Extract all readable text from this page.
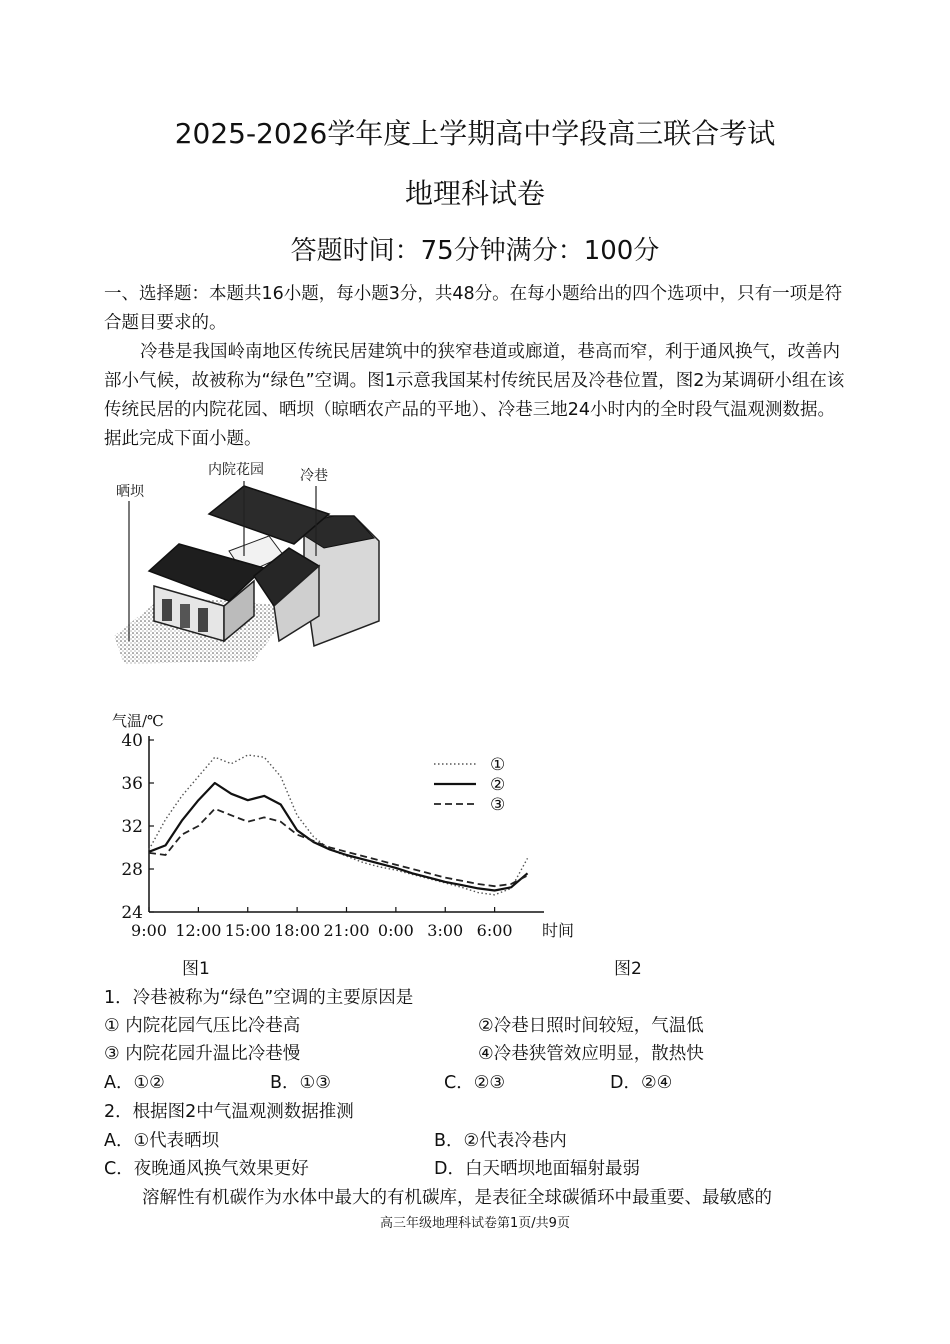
2025-2026学年度上学期高中学段高三联合考试
地理科试卷
答题时间：75分钟满分：100分
一、选择题：本题共16小题，每小题3分，共48分。在每小题给出的四个选项中，只有一项是符合题目要求的。
冷巷是我国岭南地区传统民居建筑中的狭窄巷道或廊道，巷高而窄，利于通风换气，改善内部小气候，故被称为“绿色”空调。图1示意我国某村传统民居及冷巷位置，图2为某调研小组在该传统民居的内院花园、晒坝（晾晒农产品的平地）、冷巷三地24小时内的全时段气温观测数据。据此完成下面小题。
晒坝
内院花园	冷巷
气温/℃
24
28
32
36
40
9:00 12:00 15:00 18:00 21:00 0:00 3:00 6:00 时间
①
②
③
图1	图2
1．冷巷被称为“绿色”空调的主要原因是
① 内院花园气压比冷巷高	②冷巷日照时间较短，气温低
③ 内院花园升温比冷巷慢	④冷巷狭管效应明显，散热快
A．①②	B．①③	C．②③	D．②④
2．根据图2中气温观测数据推测
A．①代表晒坝	B．②代表冷巷内
C．夜晚通风换气效果更好	D．白天晒坝地面辐射最弱
溶解性有机碳作为水体中最大的有机碳库，是表征全球碳循环中最重要、最敏感的
高三年级地理科试卷第1页/共9页
